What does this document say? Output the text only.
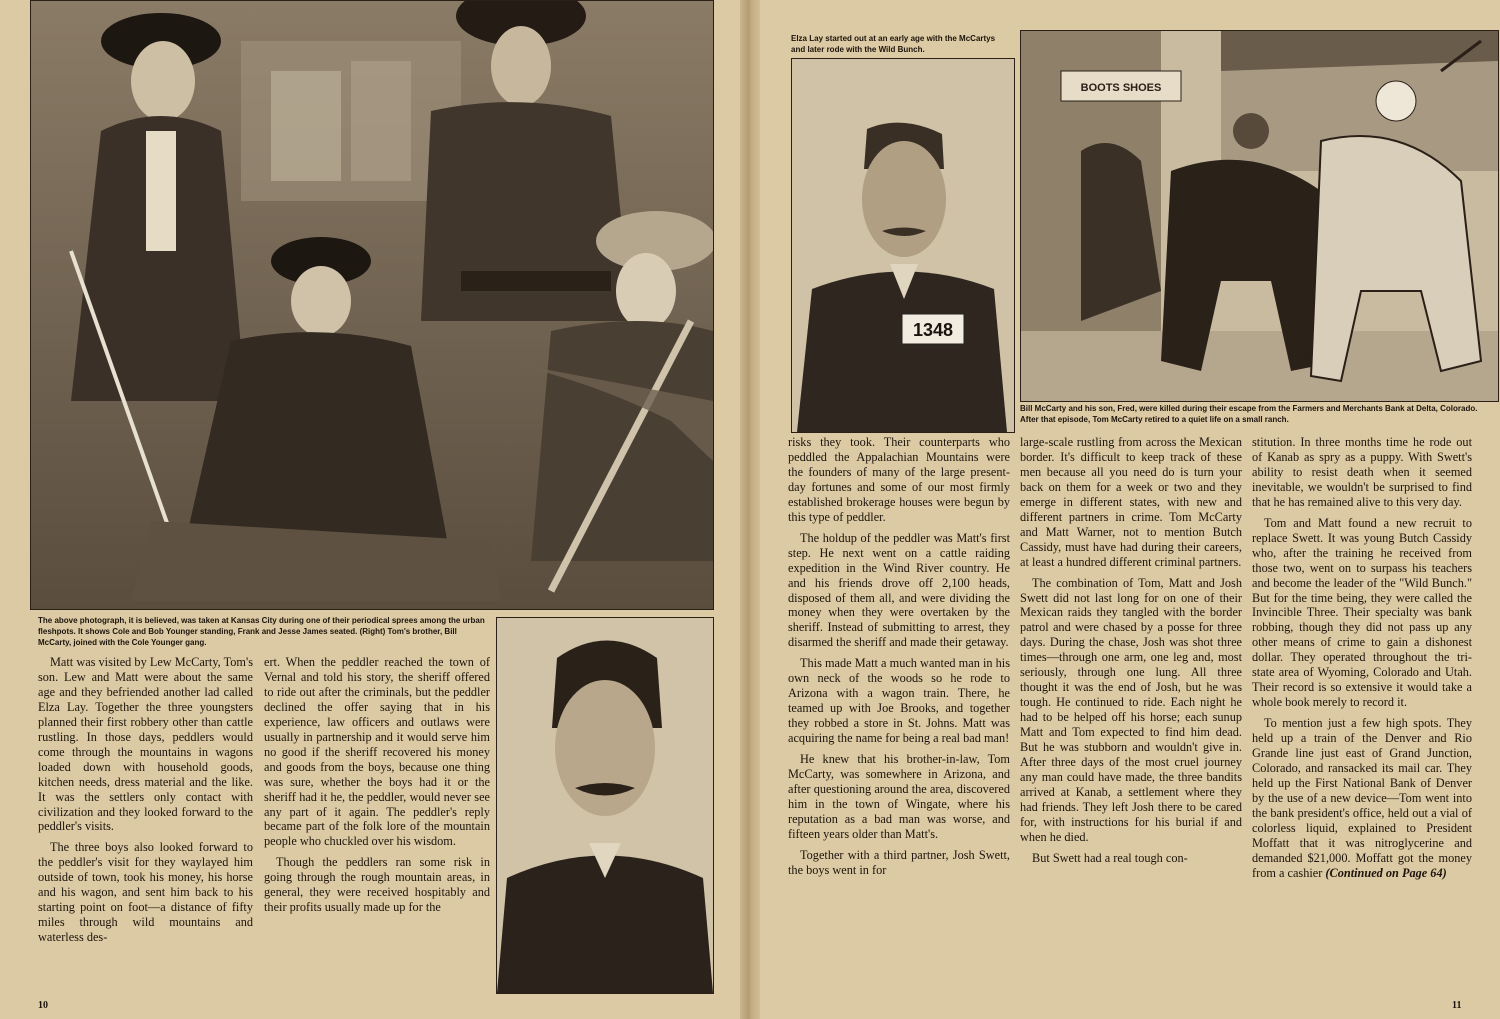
The above photograph, it is believed, was taken at Kansas City during one of their periodical sprees among the urban fleshpots. It shows Cole and Bob Younger standing, Frank and Jesse James seated. (Right) Tom's brother, Bill McCarty, joined with the Cole Younger gang.

Matt was visited by Lew McCarty, Tom's son. Lew and Matt were about the same age and they befriended another lad called Elza Lay. Together the three youngsters planned their first robbery other than cattle rustling. In those days, peddlers would come through the mountains in wagons loaded down with household goods, kitchen needs, dress material and the like. It was the settlers only contact with civilization and they looked forward to the peddler's visits.

The three boys also looked forward to the peddler's visit for they waylayed him outside of town, took his money, his horse and his wagon, and sent him back to his starting point on foot—a distance of fifty miles through wild mountains and waterless des-

ert. When the peddler reached the town of Vernal and told his story, the sheriff offered to ride out after the criminals, but the peddler declined the offer saying that in his experience, law officers and outlaws were usually in partnership and it would serve him no good if the sheriff recovered his money and goods from the boys, because one thing was sure, whether the boys had it or the sheriff had it he, the peddler, would never see any part of it again. The peddler's reply became part of the folk lore of the mountain people who chuckled over his wisdom.

Though the peddlers ran some risk in going through the rough mountain areas, in general, they were received hospitably and their profits usually made up for the

10
Elza Lay started out at an early age with the McCartys and later rode with the Wild Bunch.
1348
BOOTS SHOES
Bill McCarty and his son, Fred, were killed during their escape from the Farmers and Merchants Bank at Delta, Colorado. After that episode, Tom McCarty retired to a quiet life on a small ranch.

risks they took. Their counterparts who peddled the Appalachian Mountains were the founders of many of the large present-day fortunes and some of our most firmly established brokerage houses were begun by this type of peddler.

The holdup of the peddler was Matt's first step. He next went on a cattle raiding expedition in the Wind River country. He and his friends drove off 2,100 heads, disposed of them all, and were dividing the money when they were overtaken by the sheriff. Instead of submitting to arrest, they disarmed the sheriff and made their getaway.

This made Matt a much wanted man in his own neck of the woods so he rode to Arizona with a wagon train. There, he teamed up with Joe Brooks, and together they robbed a store in St. Johns. Matt was acquiring the name for being a real bad man!

He knew that his brother-in-law, Tom McCarty, was somewhere in Arizona, and after questioning around the area, discovered him in the town of Wingate, where his reputation as a bad man was worse, and fifteen years older than Matt's.

Together with a third partner, Josh Swett, the boys went in for

large-scale rustling from across the Mexican border. It's difficult to keep track of these men because all you need do is turn your back on them for a week or two and they emerge in different states, with new and different partners in crime. Tom McCarty and Matt Warner, not to mention Butch Cassidy, must have had during their careers, at least a hundred different criminal partners.

The combination of Tom, Matt and Josh Swett did not last long for on one of their Mexican raids they tangled with the border patrol and were chased by a posse for three days. During the chase, Josh was shot three times—through one arm, one leg and, most seriously, through one lung. All three thought it was the end of Josh, but he was tough. He continued to ride. Each night he had to be helped off his horse; each sunup Matt and Tom expected to find him dead. But he was stubborn and wouldn't give in. After three days of the most cruel journey any man could have made, the three bandits arrived at Kanab, a settlement where they had friends. They left Josh there to be cared for, with instructions for his burial if and when he died.

But Swett had a real tough con-

stitution. In three months time he rode out of Kanab as spry as a puppy. With Swett's ability to resist death when it seemed inevitable, we wouldn't be surprised to find that he has remained alive to this very day.

Tom and Matt found a new recruit to replace Swett. It was young Butch Cassidy who, after the training he received from those two, went on to surpass his teachers and become the leader of the "Wild Bunch." But for the time being, they were called the Invincible Three. Their specialty was bank robbing, though they did not pass up any other means of crime to gain a dishonest dollar. They operated throughout the tri-state area of Wyoming, Colorado and Utah. Their record is so extensive it would take a whole book merely to record it.

To mention just a few high spots. They held up a train of the Denver and Rio Grande line just east of Grand Junction, Colorado, and ransacked its mail car. They held up the First National Bank of Denver by the use of a new device—Tom went into the bank president's office, held out a vial of colorless liquid, explained to President Moffatt that it was nitroglycerine and demanded $21,000. Moffatt got the money from a cashier (Continued on Page 64)

11
